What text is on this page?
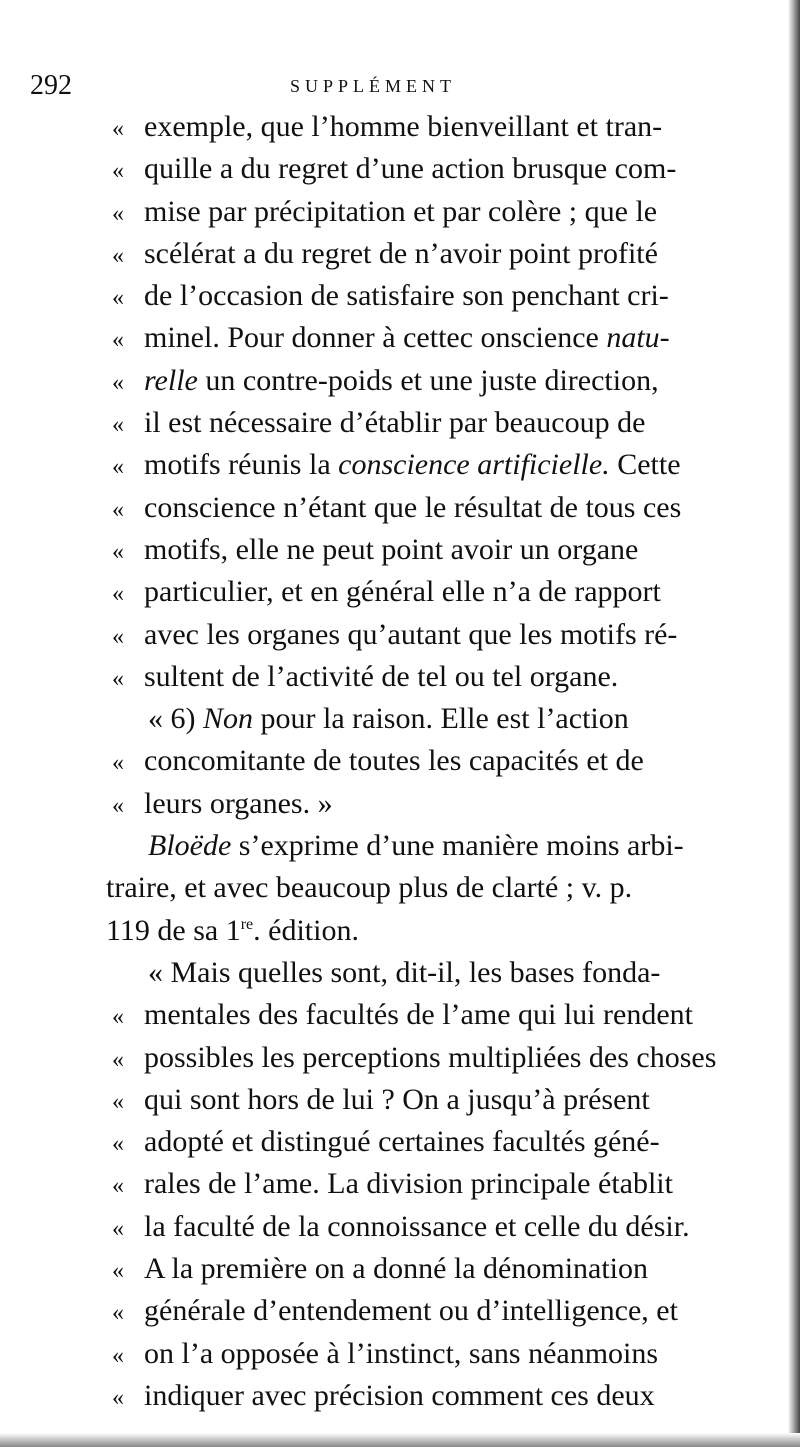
292	SUPPLÉMENT
« exemple, que l’homme bienveillant et tran-
« quille a du regret d’une action brusque com-
« mise par précipitation et par colère ; que le
« scélérat a du regret de n’avoir point profité
« de l’occasion de satisfaire son penchant cri-
« minel. Pour donner à cettec onscience natu-
« relle un contre-poids et une juste direction,
« il est nécessaire d’établir par beaucoup de
« motifs réunis la conscience artificielle. Cette
« conscience n’étant que le résultat de tous ces
« motifs, elle ne peut point avoir un organe
« particulier, et en général elle n’a de rapport
« avec les organes qu’autant que les motifs ré-
« sultent de l’activité de tel ou tel organe.
« 6) Non pour la raison. Elle est l’action
« concomitante de toutes les capacités et de
« leurs organes. »
Bloëde s’exprime d’une manière moins arbi-
traire, et avec beaucoup plus de clarté ; v. p.
119 de sa 1re. édition.
« Mais quelles sont, dit-il, les bases fonda-
« mentales des facultés de l’ame qui lui rendent
« possibles les perceptions multipliées des choses
« qui sont hors de lui ? On a jusqu’à présent
« adopté et distingué certaines facultés géné-
« rales de l’ame. La division principale établit
« la faculté de la connoissance et celle du désir.
« A la première on a donné la dénomination
« générale d’entendement ou d’intelligence, et
« on l’a opposée à l’instinct, sans néanmoins
« indiquer avec précision comment ces deux
